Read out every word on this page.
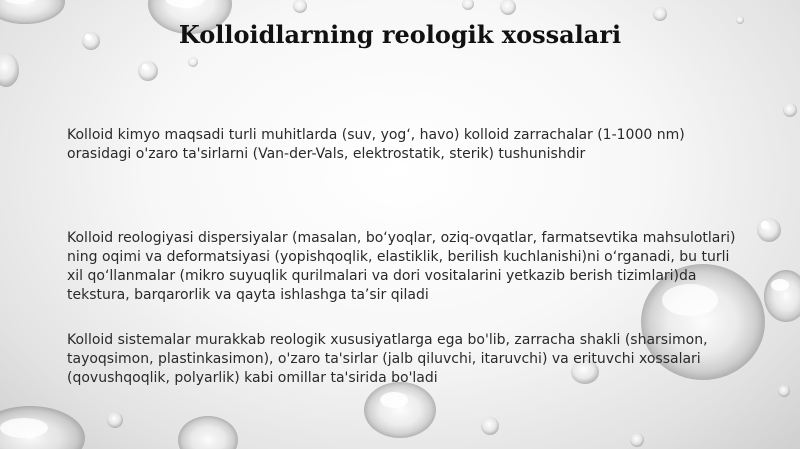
Kolloidlarning reologik xossalari

Kolloid kimyo maqsadi turli muhitlarda (suv, yog‘, havo) kolloid zarrachalar (1-1000 nm) orasidagi o'zaro ta'sirlarni (Van-der-Vals, elektrostatik, sterik) tushunishdir

Kolloid reologiyasi dispersiyalar (masalan, bo‘yoqlar, oziq-ovqatlar, farmatsevtika mahsulotlari) ning oqimi va deformatsiyasi (yopishqoqlik, elastiklik, berilish kuchlanishi)ni o‘rganadi, bu turli xil qo‘llanmalar (mikro suyuqlik qurilmalari va dori vositalarini yetkazib berish tizimlari)da tekstura, barqarorlik va qayta ishlashga ta’sir qiladi

Kolloid sistemalar murakkab reologik xususiyatlarga ega bo'lib, zarracha shakli (sharsimon, tayoqsimon, plastinkasimon), o'zaro ta'sirlar (jalb qiluvchi, itaruvchi) va erituvchi xossalari (qovushqoqlik, polyarlik) kabi omillar ta'sirida bo'ladi
